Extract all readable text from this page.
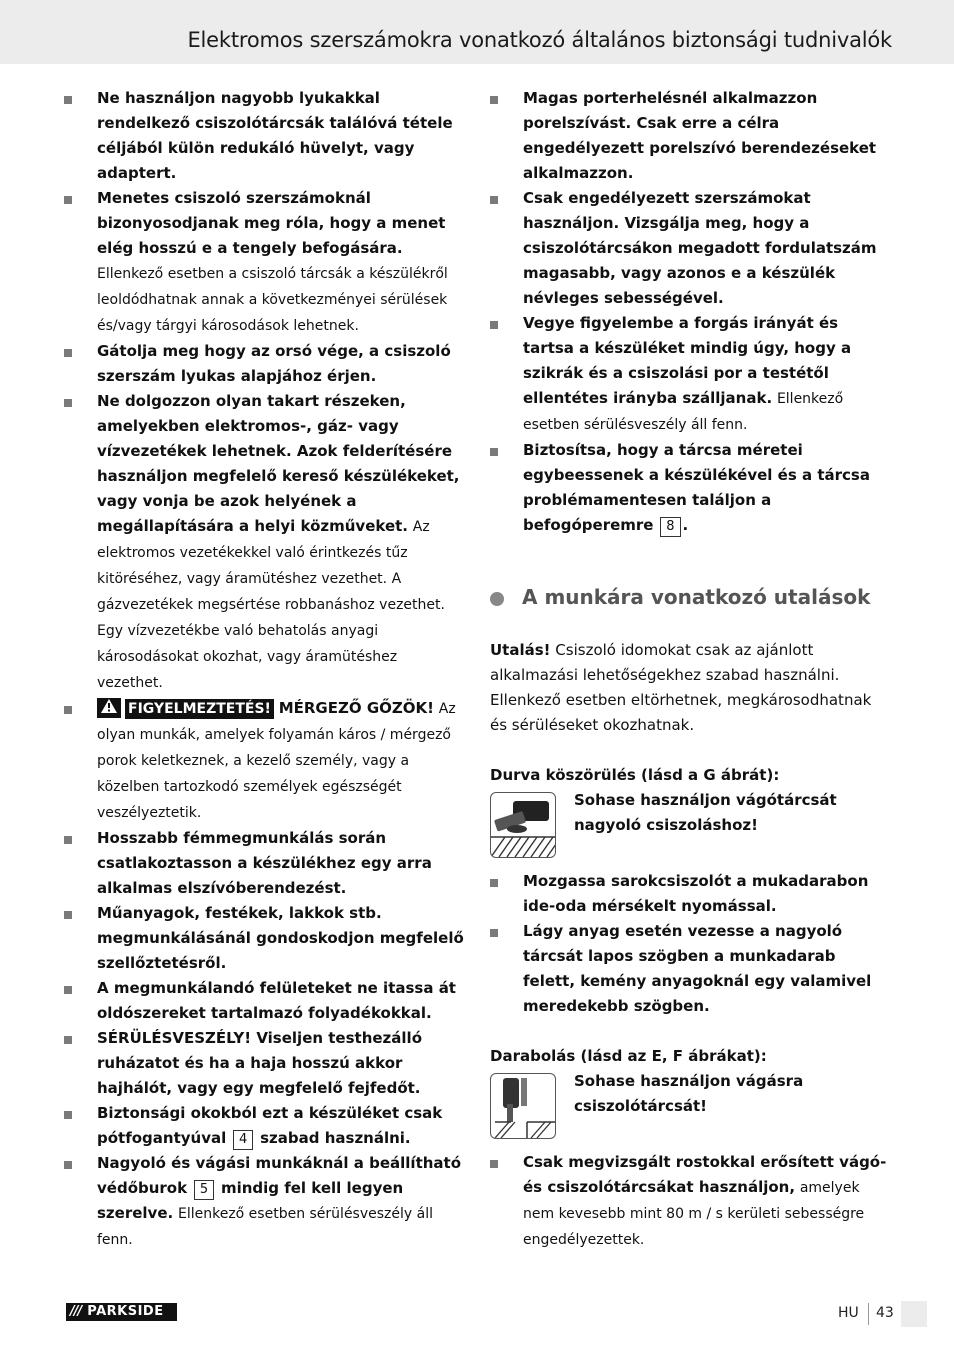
Elektromos szerszámokra vonatkozó általános biztonsági tudnivalók
Ne használjon nagyobb lyukakkal rendelkező csiszolótárcsák találóvá tétele céljából külön redukáló hüvelyt, vagy adaptert.
Menetes csiszoló szerszámoknál bizonyosodjanak meg róla, hogy a menet elég hosszú e a tengely befogására. Ellenkező esetben a csiszoló tárcsák a készülékről leoldódhatnak annak a következményei sérülések és/vagy tárgyi károsodások lehetnek.
Gátolja meg hogy az orsó vége, a csiszoló szerszám lyukas alapjához érjen.
Ne dolgozzon olyan takart részeken, amelyekben elektromos-, gáz- vagy vízvezetékek lehetnek. Azok felderítésére használjon megfelelő kereső készülékeket, vagy vonja be azok helyének a megállapítására a helyi közműveket. Az elektromos vezetékekkel való érintkezés tűz kitöréséhez, vagy áramütéshez vezethet. A gázvezetékek megsértése robbanáshoz vezethet. Egy vízvezetékbe való behatolás anyagi károsodásokat okozhat, vagy áramütéshez vezethet.
FIGYELMEZTETÉS! MÉRGEZŐ GŐZÖK! Az olyan munkák, amelyek folyamán káros / mérgező porok keletkeznek, a kezelő személy, vagy a közelben tartozkodó személyek egészségét veszélyeztetik.
Hosszabb fémmegmunkálás során csatlakoztasson a készülékhez egy arra alkalmas elszívóberendezést.
Műanyagok, festékek, lakkok stb. megmunkálásánál gondoskodjon megfelelő szellőztetésről.
A megmunkálandó felületeket ne itassa át oldószereket tartalmazó folyadékokkal.
SÉRÜLÉSVESZÉLY! Viseljen testhezálló ruházatot és ha a haja hosszú akkor hajhálót, vagy egy megfelelő fejfedőt.
Biztonsági okokból ezt a készüléket csak pótfogantyúval 4 szabad használni.
Nagyoló és vágási munkáknál a beállítható védőburok 5 mindig fel kell legyen szerelve. Ellenkező esetben sérülésveszély áll fenn.
Magas porterhelésnél alkalmazzon porelszívást. Csak erre a célra engedélyezett porelszívó berendezéseket alkalmazzon.
Csak engedélyezett szerszámokat használjon. Vizsgálja meg, hogy a csiszolótárcsákon megadott fordulatszám magasabb, vagy azonos e a készülék névleges sebességével.
Vegye figyelembe a forgás irányát és tartsa a készüléket mindig úgy, hogy a szikrák és a csiszolási por a testétől ellentétes irányba szálljanak. Ellenkező esetben sérülésveszély áll fenn.
Biztosítsa, hogy a tárcsa méretei egybeessenek a készülékével és a tárcsa problémamentesen találjon a befogóperemre 8 .
A munkára vonatkozó utalások
Utalás! Csiszoló idomokat csak az ajánlott alkalmazási lehetőségekhez szabad használni. Ellenkező esetben eltörhetnek, megkárosodhatnak és sérüléseket okozhatnak.
Durva köszörülés (lásd a G ábrát):
Sohase használjon vágótárcsát nagyoló csiszoláshoz!
Mozgassa sarokcsiszolót a mukadarabon ide-oda mérsékelt nyomással.
Lágy anyag esetén vezesse a nagyoló tárcsát lapos szögben a munkadarab felett, kemény anyagoknál egy valamivel meredekebb szögben.
Darabolás (lásd az E, F ábrákat):
Sohase használjon vágásra csiszolótárcsát!
Csak megvizsgált rostokkal erősített vágó- és csiszolótárcsákat használjon, amelyek nem kevesebb mint 80 m / s kerületi sebességre engedélyezettek.
/// PARKSIDE	HU 43
